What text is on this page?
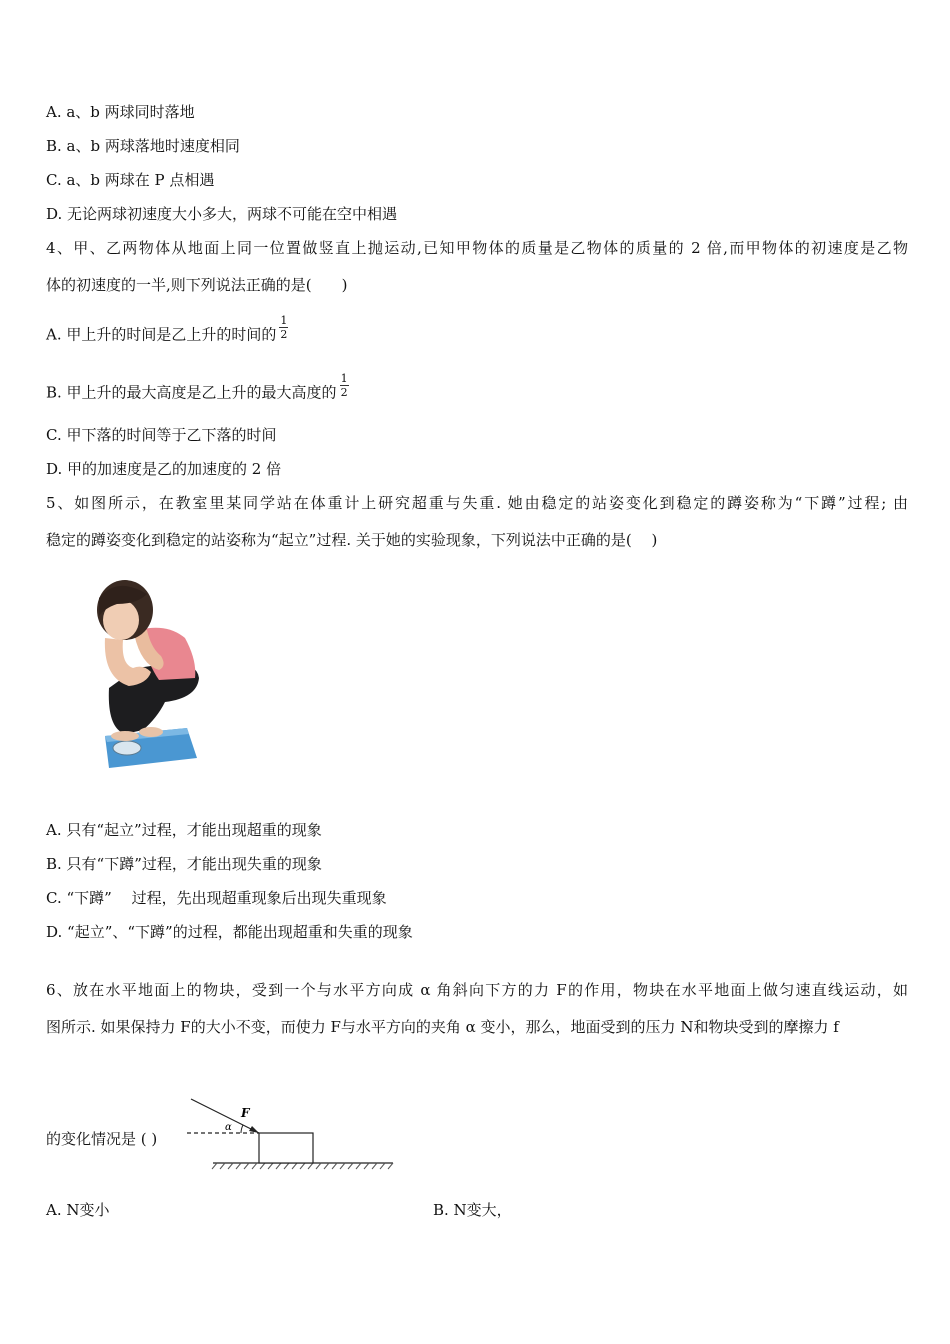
A. a、b 两球同时落地
B. a、b 两球落地时速度相同
C. a、b 两球在 P 点相遇
D. 无论两球初速度大小多大，两球不可能在空中相遇
4、甲、乙两物体从地面上同一位置做竖直上抛运动,已知甲物体的质量是乙物体的质量的 2 倍,而甲物体的初速度是乙物
体的初速度的一半,则下列说法正确的是(　　)
A. 甲上升的时间是乙上升的时间的 $\frac{1}{2}$
B. 甲上升的最大高度是乙上升的最大高度的 $\frac{1}{2}$
C. 甲下落的时间等于乙下落的时间
D. 甲的加速度是乙的加速度的 2 倍
5、如图所示，在教室里某同学站在体重计上研究超重与失重. 她由稳定的站姿变化到稳定的蹲姿称为“下蹲”过程; 由
稳定的蹲姿变化到稳定的站姿称为“起立”过程. 关于她的实验现象，下列说法中正确的是(　 )
A. 只有“起立”过程，才能出现超重的现象
B. 只有“下蹲”过程，才能出现失重的现象
C. “下蹲”　 过程，先出现超重现象后出现失重现象
D. “起立”、“下蹲”的过程，都能出现超重和失重的现象
6、放在水平地面上的物块，受到一个与水平方向成 α 角斜向下方的力 F的作用，物块在水平地面上做匀速直线运动，如
图所示. 如果保持力 F的大小不变，而使力 F与水平方向的夹角 α 变小，那么，地面受到的压力 N和物块受到的摩擦力 f
的变化情况是 ( )
α
F
A. N变小	B. N变大，
